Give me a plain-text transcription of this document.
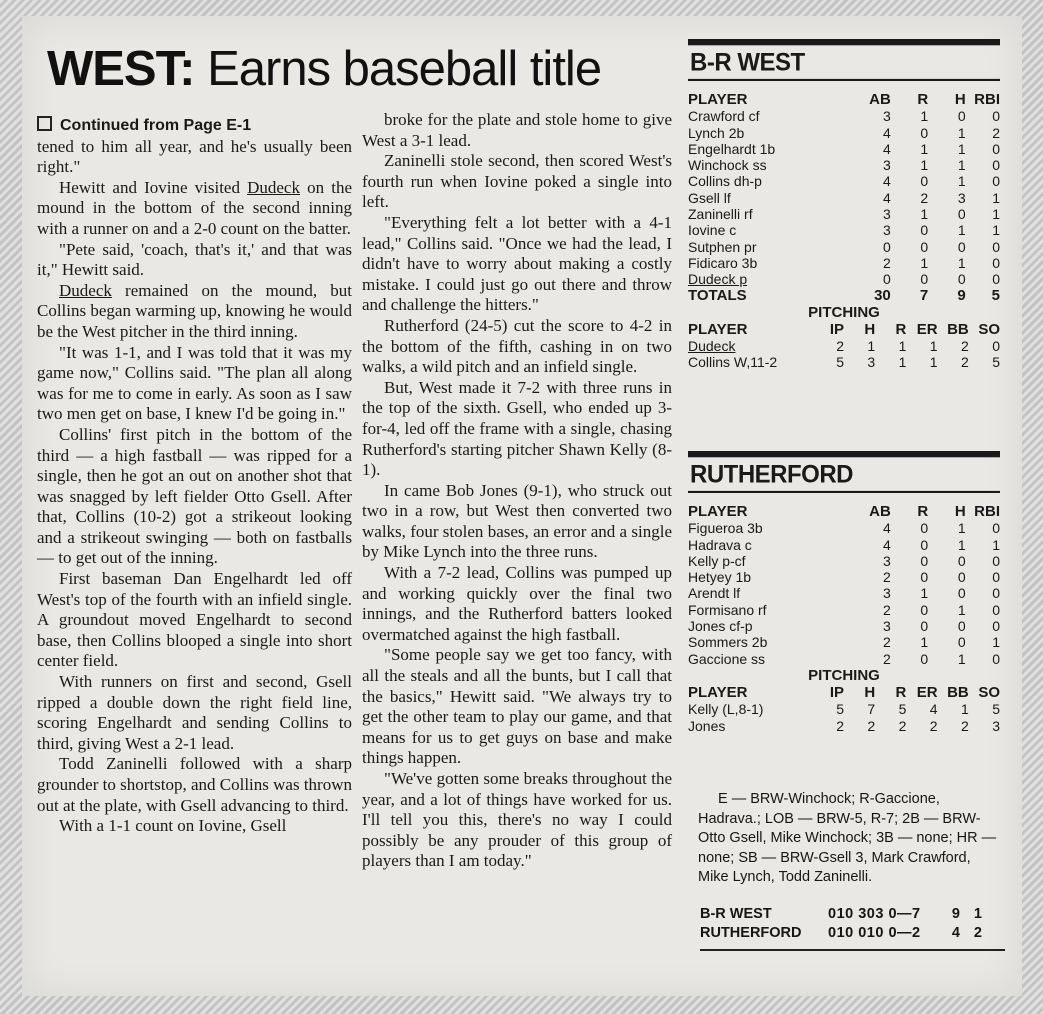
WEST: Earns baseball title

Continued from Page E-1

tened to him all year, and he's usually been right."

Hewitt and Iovine visited Dudeck on the mound in the bottom of the second inning with a runner on and a 2-0 count on the batter.

"Pete said, 'coach, that's it,' and that was it," Hewitt said.

Dudeck remained on the mound, but Collins began warming up, knowing he would be the West pitcher in the third inning.

"It was 1-1, and I was told that it was my game now," Collins said. "The plan all along was for me to come in early. As soon as I saw two men get on base, I knew I'd be going in."

Collins' first pitch in the bottom of the third — a high fastball — was ripped for a single, then he got an out on another shot that was snagged by left fielder Otto Gsell. After that, Collins (10-2) got a strikeout looking and a strikeout swinging — both on fastballs — to get out of the inning.

First baseman Dan Engelhardt led off West's top of the fourth with an infield single. A groundout moved Engelhardt to second base, then Collins blooped a single into short center field.

With runners on first and second, Gsell ripped a double down the right field line, scoring Engelhardt and sending Collins to third, giving West a 2-1 lead.

Todd Zaninelli followed with a sharp grounder to shortstop, and Collins was thrown out at the plate, with Gsell advancing to third.

With a 1-1 count on Iovine, Gsell

broke for the plate and stole home to give West a 3-1 lead.

Zaninelli stole second, then scored West's fourth run when Iovine poked a single into left.

"Everything felt a lot better with a 4-1 lead," Collins said. "Once we had the lead, I didn't have to worry about making a costly mistake. I could just go out there and throw and challenge the hitters."

Rutherford (24-5) cut the score to 4-2 in the bottom of the fifth, cashing in on two walks, a wild pitch and an infield single.

But, West made it 7-2 with three runs in the top of the sixth. Gsell, who ended up 3-for-4, led off the frame with a single, chasing Rutherford's starting pitcher Shawn Kelly (8-1).

In came Bob Jones (9-1), who struck out two in a row, but West then converted two walks, four stolen bases, an error and a single by Mike Lynch into the three runs.

With a 7-2 lead, Collins was pumped up and working quickly over the final two innings, and the Rutherford batters looked overmatched against the high fastball.

"Some people say we get too fancy, with all the steals and all the bunts, but I call that the basics," Hewitt said. "We always try to get the other team to play our game, and that means for us to get guys on base and make things happen.

"We've gotten some breaks throughout the year, and a lot of things have worked for us. I'll tell you this, there's no way I could possibly be any prouder of this group of players than I am today."

B-R WEST
PLAYER	AB	R	H	RBI
Crawford cf	3	1	0	0
Lynch 2b	4	0	1	2
Engelhardt 1b	4	1	1	0
Winchock ss	3	1	1	0
Collins dh-p	4	0	1	0
Gsell lf	4	2	3	1
Zaninelli rf	3	1	0	1
Iovine c	3	0	1	1
Sutphen pr	0	0	0	0
Fidicaro 3b	2	1	1	0
Dudeck p	0	0	0	0
TOTALS	30	7	9	5
PITCHING
PLAYER	IP	H	R	ER	BB	SO
Dudeck	2	1	1	1	2	0
Collins W,11-2	5	3	1	1	2	5
RUTHERFORD
PLAYER	AB	R	H	RBI
Figueroa 3b	4	0	1	0
Hadrava c	4	0	1	1
Kelly p-cf	3	0	0	0
Hetyey 1b	2	0	0	0
Arendt lf	3	1	0	0
Formisano rf	2	0	1	0
Jones cf-p	3	0	0	0
Sommers 2b	2	1	0	1
Gaccione ss	2	0	1	0
PITCHING
PLAYER	IP	H	R	ER	BB	SO
Kelly (L,8-1)	5	7	5	4	1	5
Jones	2	2	2	2	2	3
E — BRW-Winchock; R-Gaccione, Hadrava.; LOB — BRW-5, R-7; 2B — BRW-Otto Gsell, Mike Winchock; 3B — none; HR — none; SB — BRW-Gsell 3, Mark Crawford, Mike Lynch, Todd Zaninelli.
B-R WEST	010 303 0—7	9 1
RUTHERFORD	010 010 0—2	4 2
